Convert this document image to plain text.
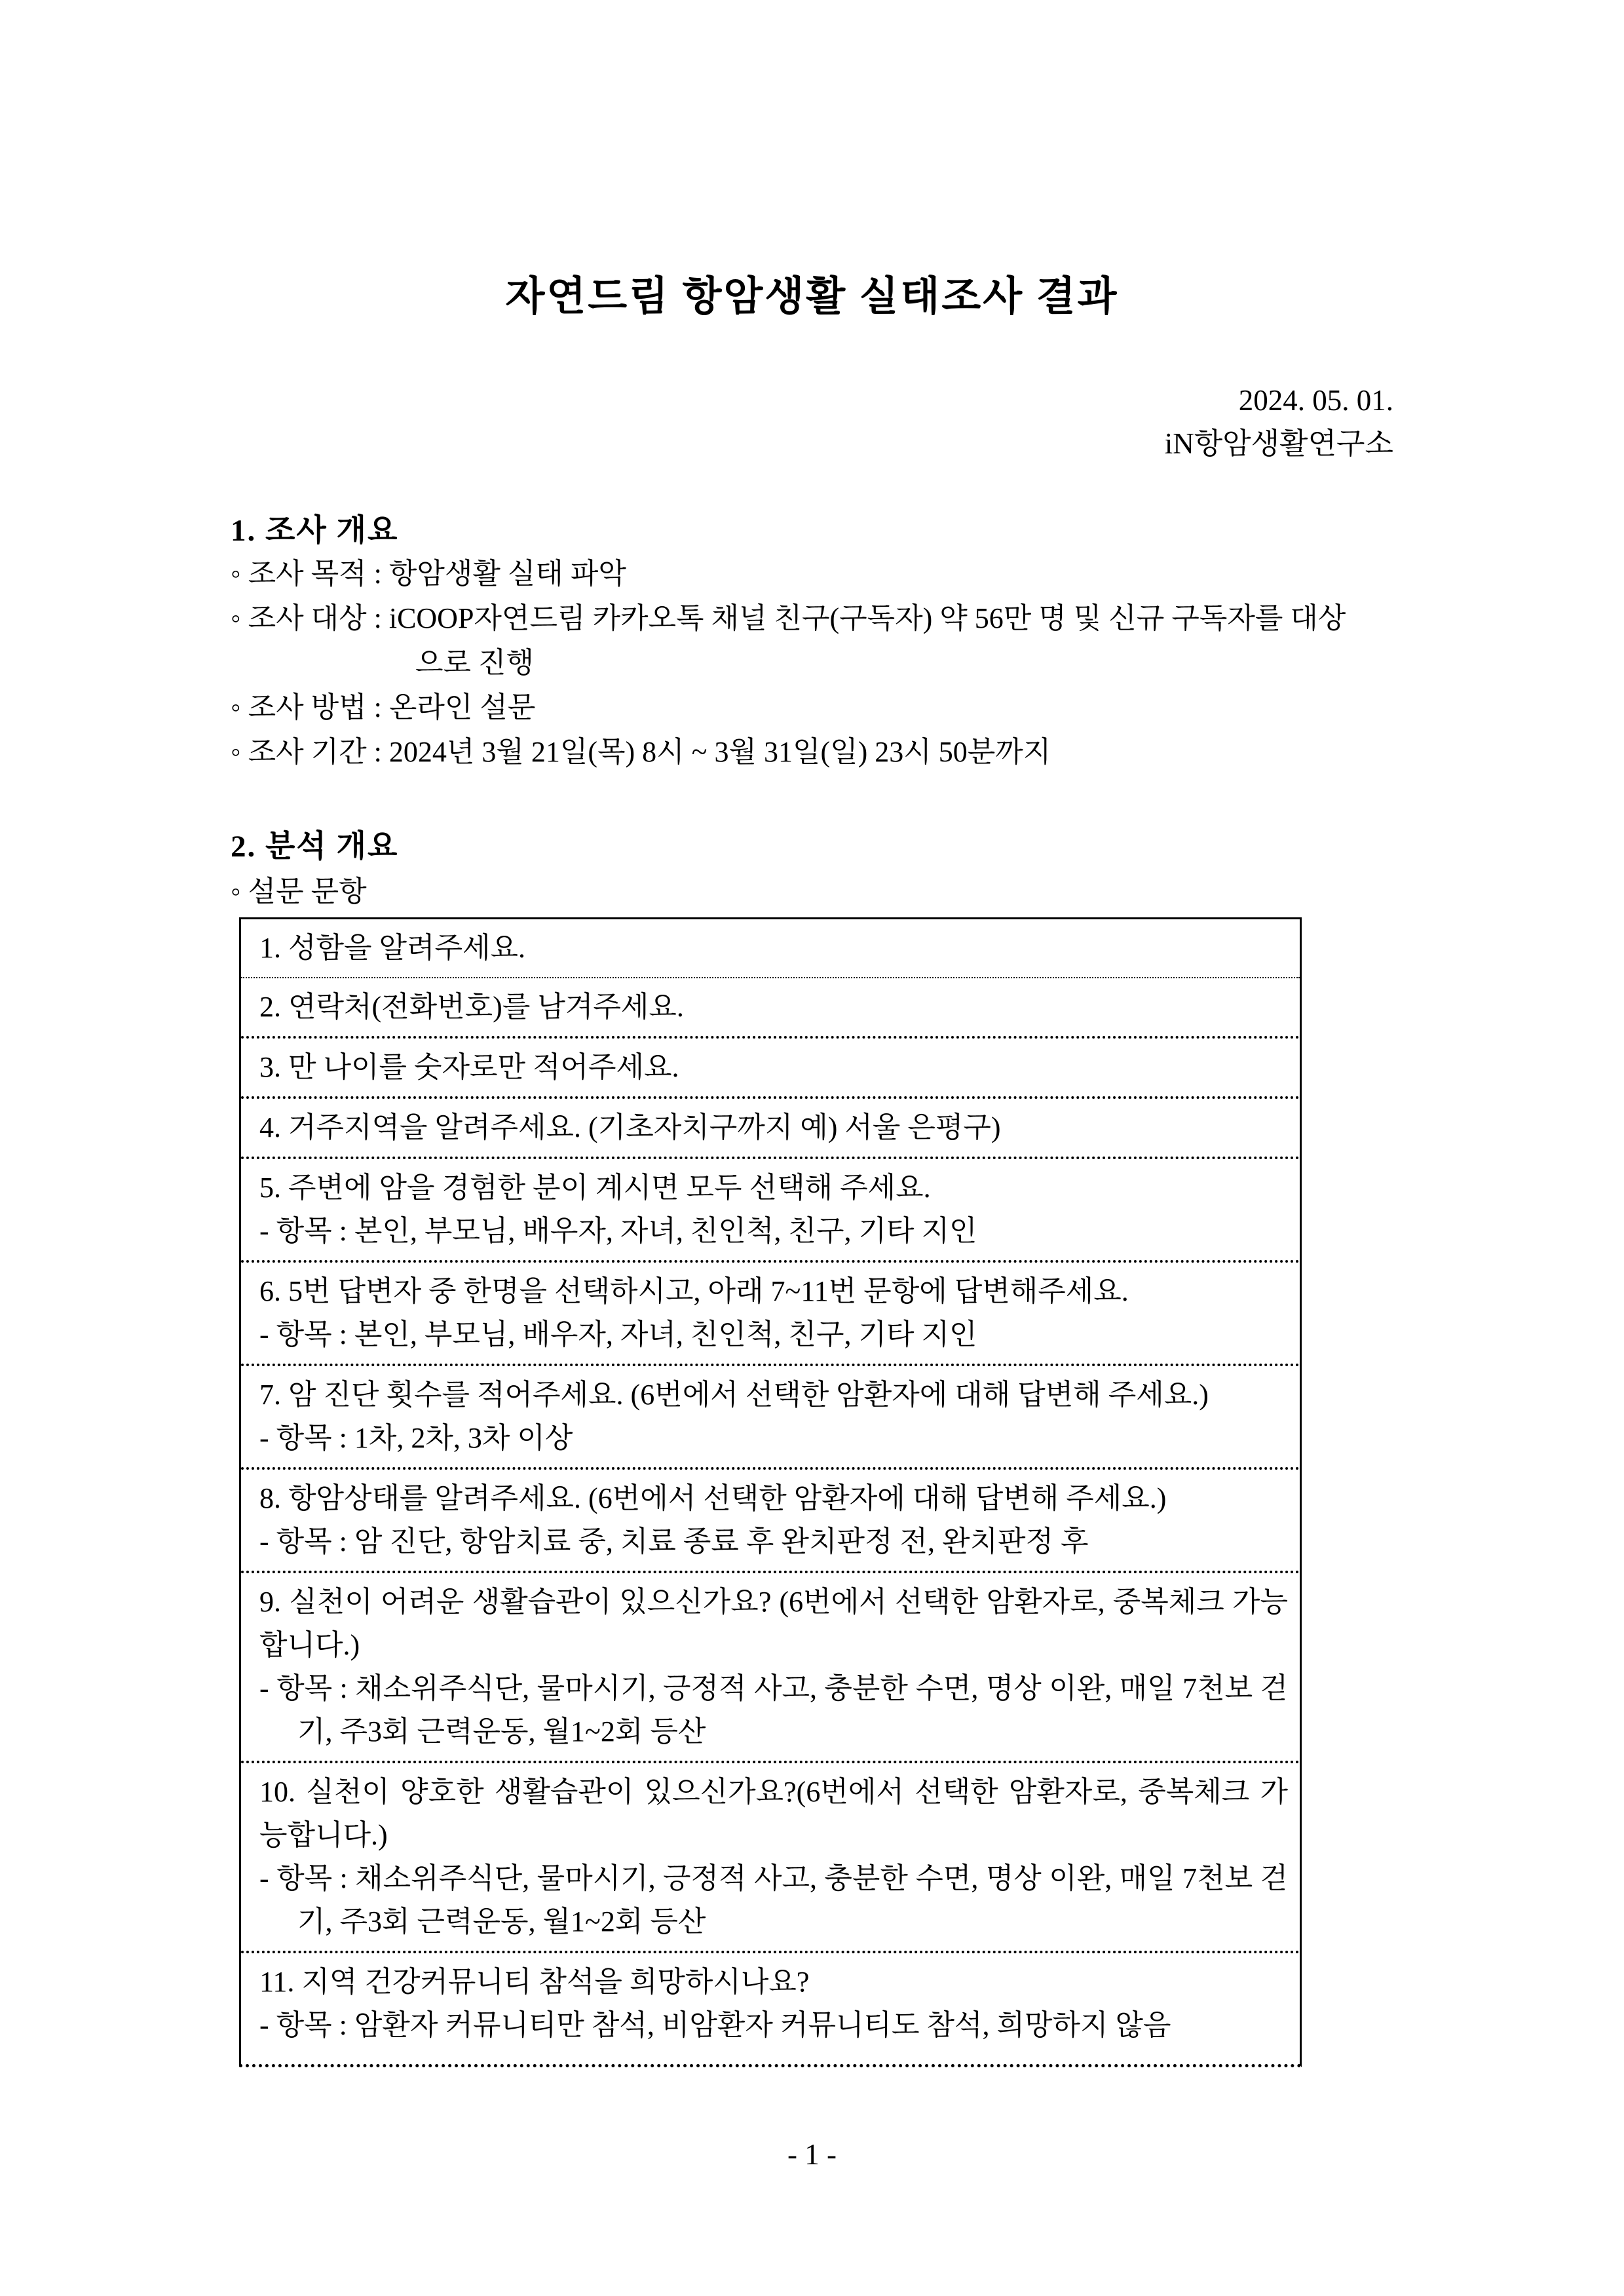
자연드림 항암생활 실태조사 결과
2024. 05. 01.
iN항암생활연구소
1. 조사 개요
◦ 조사 목적 : 항암생활 실태 파악
◦ 조사 대상 : iCOOP자연드림 카카오톡 채널 친구(구독자) 약 56만 명 및 신규 구독자를 대상
으로 진행
◦ 조사 방법 : 온라인 설문
◦ 조사 기간 : 2024년 3월 21일(목) 8시 ~ 3월 31일(일) 23시 50분까지
2. 분석 개요
◦ 설문 문항
1. 성함을 알려주세요.
2. 연락처(전화번호)를 남겨주세요.
3. 만 나이를 숫자로만 적어주세요.
4. 거주지역을 알려주세요. (기초자치구까지 예) 서울 은평구)
5. 주변에 암을 경험한 분이 계시면 모두 선택해 주세요.
- 항목 : 본인, 부모님, 배우자, 자녀, 친인척, 친구, 기타 지인
6. 5번 답변자 중 한명을 선택하시고, 아래 7~11번 문항에 답변해주세요.
- 항목 : 본인, 부모님, 배우자, 자녀, 친인척, 친구, 기타 지인
7. 암 진단 횟수를 적어주세요. (6번에서 선택한 암환자에 대해 답변해 주세요.)
- 항목 : 1차, 2차, 3차 이상
8. 항암상태를 알려주세요. (6번에서 선택한 암환자에 대해 답변해 주세요.)
- 항목 : 암 진단, 항암치료 중, 치료 종료 후 완치판정 전, 완치판정 후
9. 실천이 어려운 생활습관이 있으신가요? (6번에서 선택한 암환자로, 중복체크 가능합니다.)
- 항목 : 채소위주식단, 물마시기, 긍정적 사고, 충분한 수면, 명상 이완, 매일 7천보 걷기, 주3회 근력운동, 월1~2회 등산
10. 실천이 양호한 생활습관이 있으신가요?(6번에서 선택한 암환자로, 중복체크 가능합니다.)
- 항목 : 채소위주식단, 물마시기, 긍정적 사고, 충분한 수면, 명상 이완, 매일 7천보 걷기, 주3회 근력운동, 월1~2회 등산
11. 지역 건강커뮤니티 참석을 희망하시나요?
- 항목 : 암환자 커뮤니티만 참석, 비암환자 커뮤니티도 참석, 희망하지 않음
- 1 -
